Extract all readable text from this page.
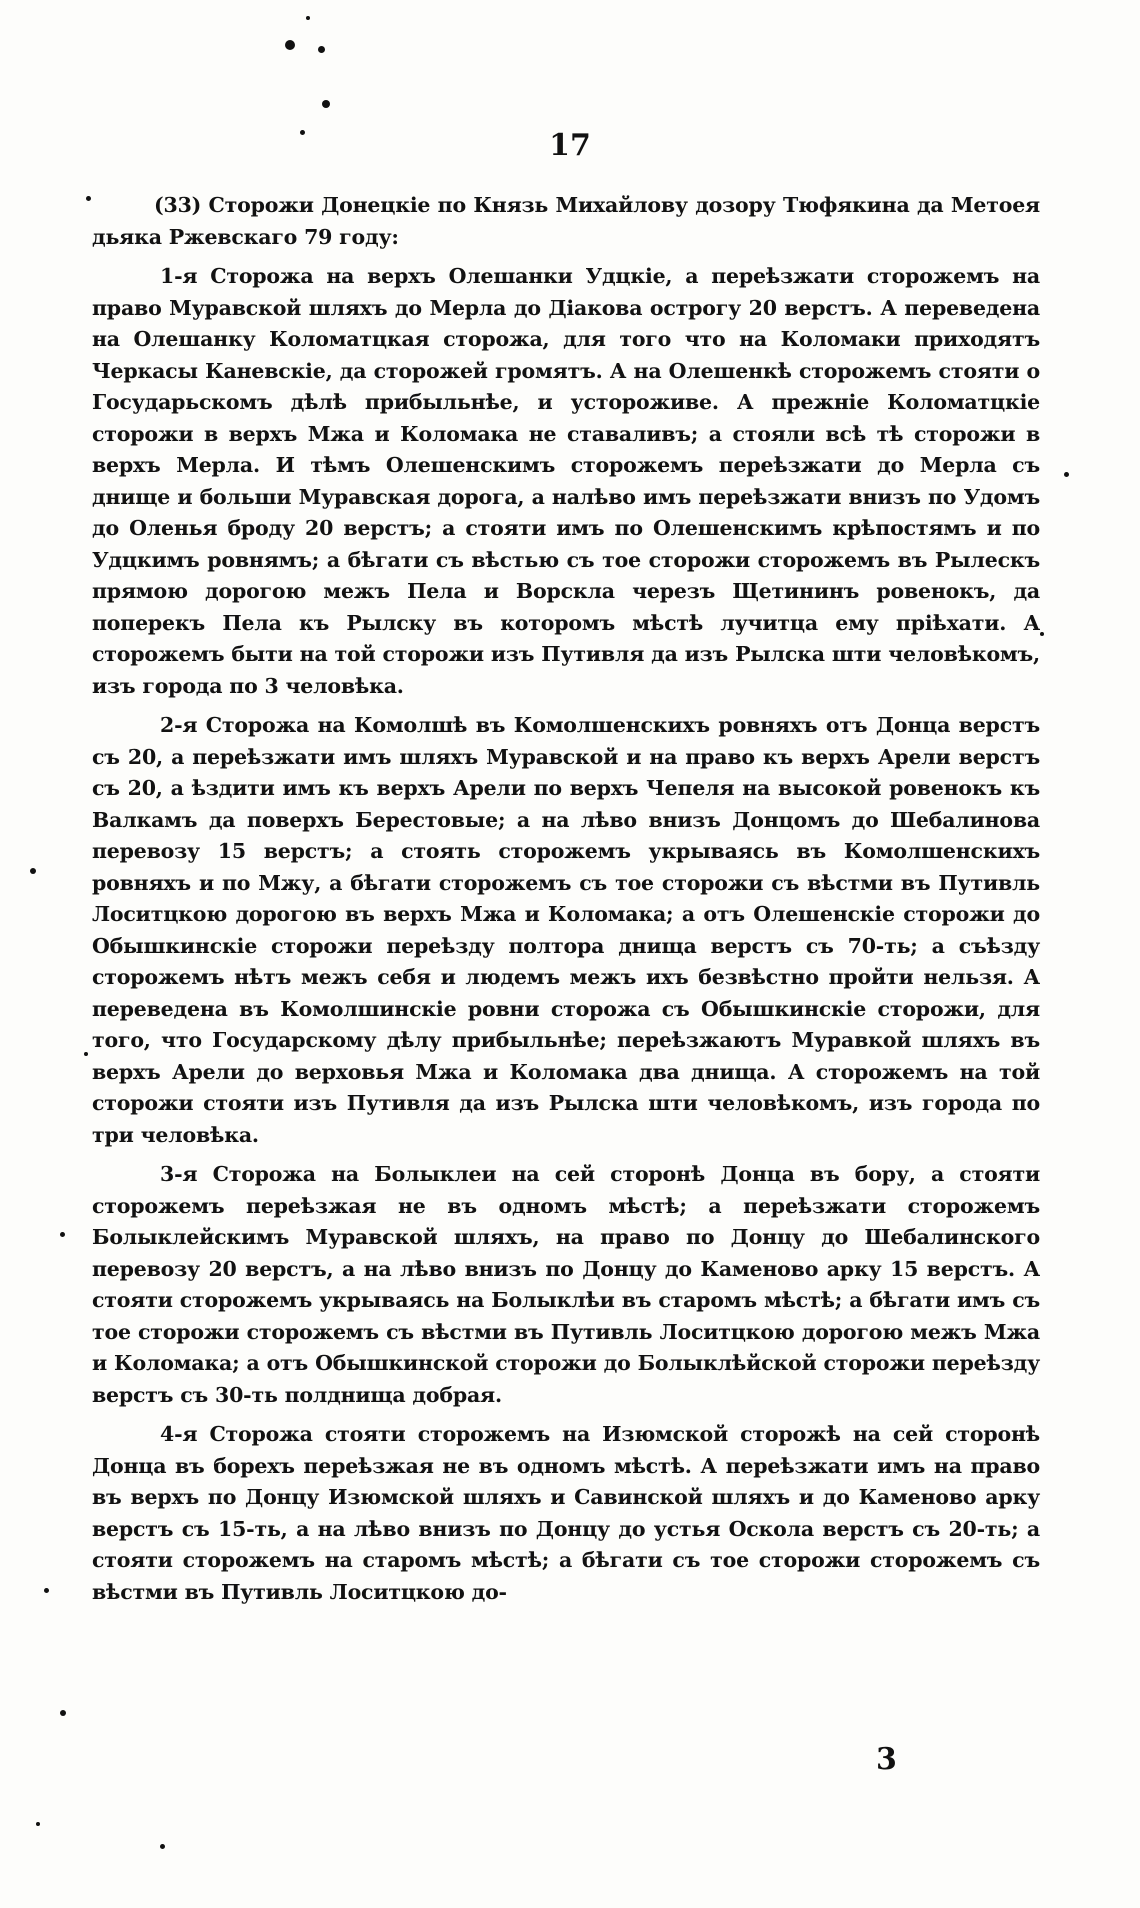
17

(33) Сторожи Донецкіе по Князь Михайлову дозору Тюфякина да Метоея дьяка Ржевскаго 79 году:

1-я Сторожа на верхъ Олешанки Удцкіе, а переѣзжати сторожемъ на право Муравской шляхъ до Мерла до Діакова острогу 20 верстъ. А переведена на Олешанку Коломатцкая сторожа, для того что на Коломаки приходятъ Черкасы Каневскіе, да сторожей громятъ. А на Олешенкѣ сторожемъ стояти о Государьскомъ дѣлѣ прибыльнѣе, и устороживе. А прежніе Коломатцкіе сторожи в верхъ Мжа и Коломака не ставаливъ; а стояли всѣ тѣ сторожи в верхъ Мерла. И тѣмъ Олешенскимъ сторожемъ переѣзжати до Мерла съ днище и больши Муравская дорога, а налѣво имъ переѣзжати внизъ по Удомъ до Оленья броду 20 верстъ; а стояти имъ по Олешенскимъ крѣпостямъ и по Удцкимъ ровнямъ; а бѣгати съ вѣстью съ тое сторожи сторожемъ въ Рылескъ прямою дорогою межъ Пела и Ворскла черезъ Щетининъ ровенокъ, да поперекъ Пела къ Рылску въ которомъ мѣстѣ лучитца ему пріѣхати. А сторожемъ быти на той сторожи изъ Путивля да изъ Рылска шти человѣкомъ, изъ города по 3 человѣка.

2-я Сторожа на Комолшѣ въ Комолшенскихъ ровняхъ отъ Донца верстъ съ 20, а переѣзжати имъ шляхъ Муравской и на право къ верхъ Арели верстъ съ 20, а ѣздити имъ къ верхъ Арели по верхъ Чепеля на высокой ровенокъ къ Валкамъ да поверхъ Берестовые; а на лѣво внизъ Донцомъ до Шебалинова перевозу 15 верстъ; а стоять сторожемъ укрываясь въ Комолшенскихъ ровняхъ и по Мжу, а бѣгати сторожемъ съ тое сторожи съ вѣстми въ Путивль Лоситцкою дорогою въ верхъ Мжа и Коломака; а отъ Олешенскіе сторожи до Обышкинскіе сторожи переѣзду полтора днища верстъ съ 70-ть; а съѣзду сторожемъ нѣтъ межъ себя и людемъ межъ ихъ безвѣстно пройти нельзя. А переведена въ Комолшинскіе ровни сторожа съ Обышкинскіе сторожи, для того, что Государскому дѣлу прибыльнѣе; переѣзжаютъ Муравкой шляхъ въ верхъ Арели до верховья Мжа и Коломака два днища. А сторожемъ на той сторожи стояти изъ Путивля да изъ Рылска шти человѣкомъ, изъ города по три человѣка.

3-я Сторожа на Болыклеи на сей сторонѣ Донца въ бору, а стояти сторожемъ переѣзжая не въ одномъ мѣстѣ; а переѣзжати сторожемъ Болыклейскимъ Муравской шляхъ, на право по Донцу до Шебалинского перевозу 20 верстъ, а на лѣво внизъ по Донцу до Каменово арку 15 верстъ. А стояти сторожемъ укрываясь на Болыклѣи въ старомъ мѣстѣ; а бѣгати имъ съ тое сторожи сторожемъ съ вѣстми въ Путивль Лоситцкою дорогою межъ Мжа и Коломака; а отъ Обышкинской сторожи до Болыклѣйской сторожи переѣзду верстъ съ 30-ть полднища добрая.

4-я Сторожа стояти сторожемъ на Изюмской сторожѣ на сей сторонѣ Донца въ борехъ переѣзжая не въ одномъ мѣстѣ. А переѣзжати имъ на право въ верхъ по Донцу Изюмской шляхъ и Савинской шляхъ и до Каменово арку верстъ съ 15-ть, а на лѣво внизъ по Донцу до устья Оскола верстъ съ 20-ть; а стояти сторожемъ на старомъ мѣстѣ; а бѣгати съ тое сторожи сторожемъ съ вѣстми въ Путивль Лоситцкою до-

3
